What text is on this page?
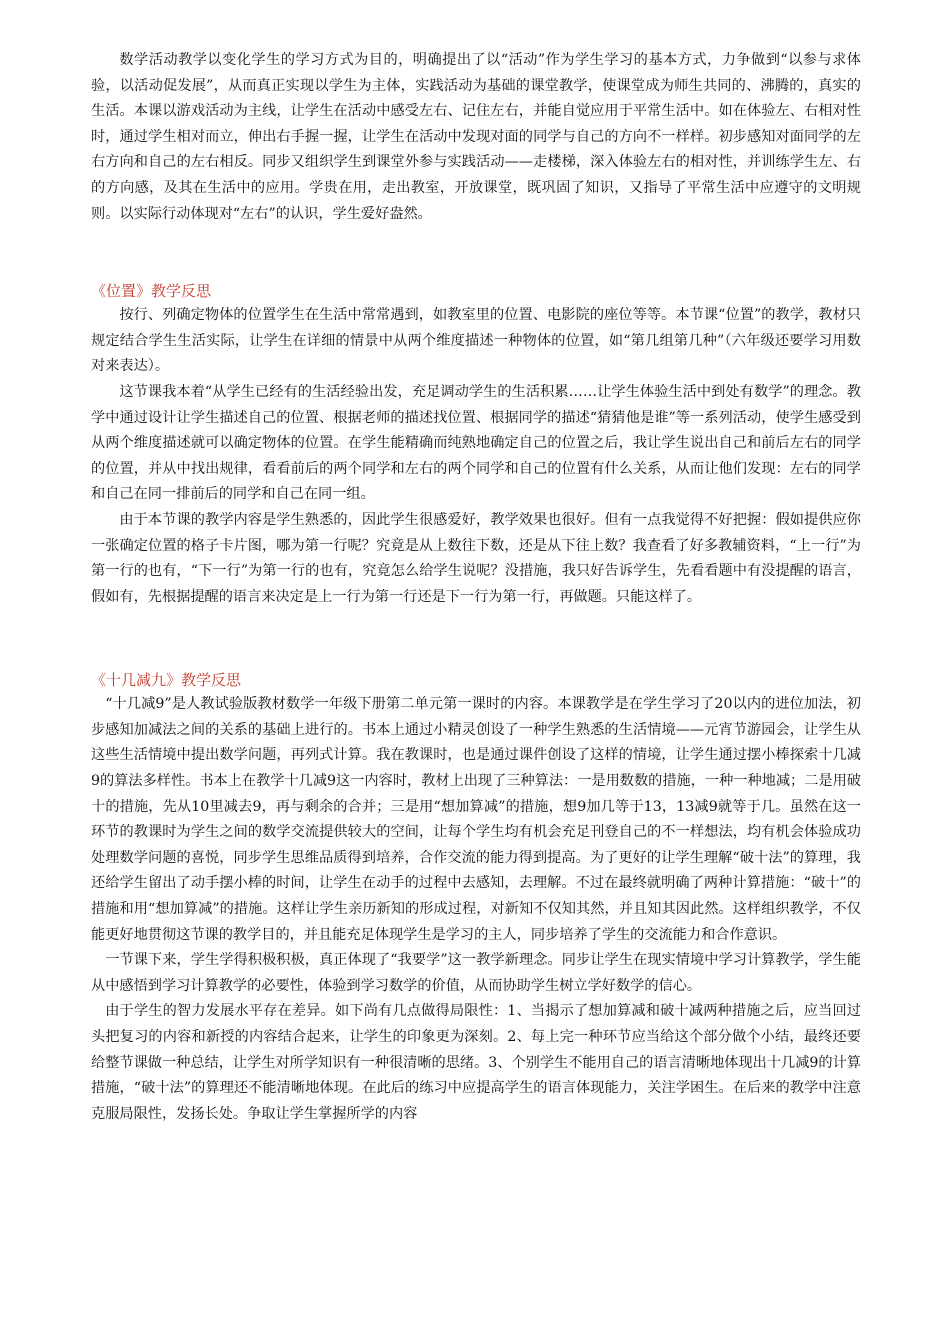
数学活动教学以变化学生的学习方式为目的，明确提出了以“活动”作为学生学习的基本方式，力争做到“以参与求体验，以活动促发展”，从而真正实现以学生为主体，实践活动为基础的课堂教学，使课堂成为师生共同的、沸腾的，真实的生活。本课以游戏活动为主线，让学生在活动中感受左右、记住左右，并能自觉应用于平常生活中。如在体验左、右相对性时，通过学生相对而立，伸出右手握一握，让学生在活动中发现对面的同学与自己的方向不一样样。初步感知对面同学的左右方向和自己的左右相反。同步又组织学生到课堂外参与实践活动——走楼梯，深入体验左右的相对性，并训练学生左、右的方向感，及其在生活中的应用。学贵在用，走出教室，开放课堂，既巩固了知识，又指导了平常生活中应遵守的文明规则。以实际行动体现对“左右”的认识，学生爱好盎然。

《位置》教学反思

按行、列确定物体的位置学生在生活中常常遇到，如教室里的位置、电影院的座位等等。本节课“位置”的教学，教材只规定结合学生生活实际，让学生在详细的情景中从两个维度描述一种物体的位置，如“第几组第几种”（六年级还要学习用数对来表达）。

这节课我本着“从学生已经有的生活经验出发，充足调动学生的生活积累……让学生体验生活中到处有数学”的理念。教学中通过设计让学生描述自己的位置、根据老师的描述找位置、根据同学的描述“猜猜他是谁”等一系列活动，使学生感受到从两个维度描述就可以确定物体的位置。在学生能精确而纯熟地确定自己的位置之后，我让学生说出自己和前后左右的同学的位置，并从中找出规律，看看前后的两个同学和左右的两个同学和自己的位置有什么关系，从而让他们发现：左右的同学和自己在同一排前后的同学和自己在同一组。

由于本节课的教学内容是学生熟悉的，因此学生很感爱好，教学效果也很好。但有一点我觉得不好把握：假如提供应你一张确定位置的格子卡片图，哪为第一行呢？究竟是从上数往下数，还是从下往上数？我查看了好多教辅资料，“上一行”为第一行的也有，“下一行”为第一行的也有，究竟怎么给学生说呢？没措施，我只好告诉学生，先看看题中有没提醒的语言，假如有，先根据提醒的语言来决定是上一行为第一行还是下一行为第一行，再做题。只能这样了。

《十几减九》教学反思

“十几减9”是人教试验版教材数学一年级下册第二单元第一课时的内容。本课教学是在学生学习了20以内的进位加法，初步感知加减法之间的关系的基础上进行的。书本上通过小精灵创设了一种学生熟悉的生活情境——元宵节游园会，让学生从这些生活情境中提出数学问题，再列式计算。我在教课时，也是通过课件创设了这样的情境，让学生通过摆小棒探索十几减9的算法多样性。书本上在教学十几减9这一内容时，教材上出现了三种算法：一是用数数的措施，一种一种地减；二是用破十的措施，先从10里减去9，再与剩余的合并；三是用“想加算减”的措施，想9加几等于13，13减9就等于几。虽然在这一环节的教课时为学生之间的数学交流提供较大的空间，让每个学生均有机会充足刊登自己的不一样想法，均有机会体验成功处理数学问题的喜悦，同步学生思维品质得到培养，合作交流的能力得到提高。为了更好的让学生理解“破十法”的算理，我还给学生留出了动手摆小棒的时间，让学生在动手的过程中去感知，去理解。不过在最终就明确了两种计算措施：“破十”的措施和用“想加算减”的措施。这样让学生亲历新知的形成过程，对新知不仅知其然，并且知其因此然。这样组织教学，不仅能更好地贯彻这节课的教学目的，并且能充足体现学生是学习的主人，同步培养了学生的交流能力和合作意识。

一节课下来，学生学得积极积极，真正体现了“我要学”这一教学新理念。同步让学生在现实情境中学习计算教学，学生能从中感悟到学习计算教学的必要性，体验到学习数学的价值，从而协助学生树立学好数学的信心。

由于学生的智力发展水平存在差异。如下尚有几点做得局限性：1、当揭示了想加算减和破十减两种措施之后，应当回过头把复习的内容和新授的内容结合起来，让学生的印象更为深刻。2、每上完一种环节应当给这个部分做个小结，最终还要给整节课做一种总结，让学生对所学知识有一种很清晰的思绪。3、个别学生不能用自己的语言清晰地体现出十几减9的计算措施，“破十法”的算理还不能清晰地体现。在此后的练习中应提高学生的语言体现能力，关注学困生。在后来的教学中注意克服局限性，发扬长处。争取让学生掌握所学的内容
